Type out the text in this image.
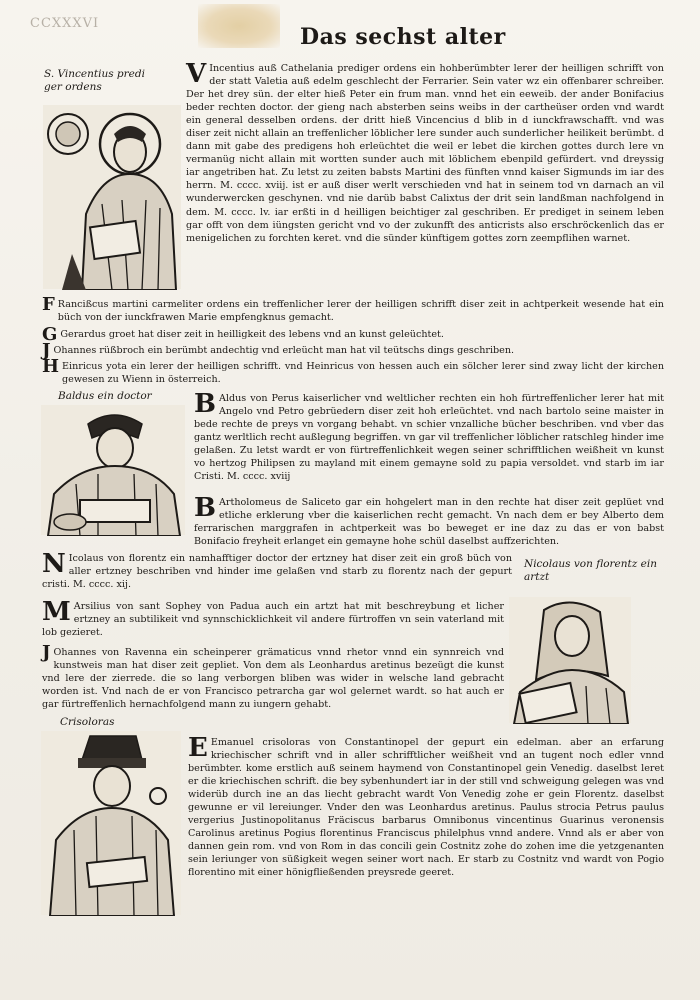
CCXXXVI
Das sechst alter
S. Vincentius predi ger ordens
Baldus ein doctor
Nicolaus von florentz ein artzt
Crisoloras

V Incentius auß Cathelania prediger ordens ein hohberümbter lerer der heilligen schrifft von der statt Valetia auß edelm geschlecht der Ferrarier. Sein vater wz ein offenbarer schreiber. Der het drey sün. der elter hieß Peter ein frum man. vnnd het ein eeweib. der ander Bonifacius beder rechten doctor. der gieng nach absterben seins weibs in der cartheüser orden vnd wardt ein general desselben ordens. der dritt hieß Vincencius d blib in d iunckfrawschafft. vnd was diser zeit nicht allain an treffenlicher löblicher lere sunder auch sunderlicher heilikeit berümbt. d dann mit gabe des predigens hoh erleüchtet die weil er lebet die kirchen gottes durch lere vn vermanüg nicht allain mit wortten sunder auch mit löblichem ebenpild gefürdert. vnd dreyssig iar angetriben hat. Zu letst zu zeiten babsts Martini des fünften vnnd kaiser Sigmunds im iar des herrn. M. cccc. xviij. ist er auß diser werlt verschieden vnd hat in seinem tod vn darnach an vil wunderwercken geschynen. vnd nie darüb babst Calixtus der drit sein landßman nachfolgend in dem. M. cccc. lv. iar erßti in d heilligen beichtiger zal geschriben. Er prediget in seinem leben gar offt von dem iüngsten gericht vnd vo der zukunfft des anticrists also erschröckenlich das er menigelichen zu forchten keret. vnd die sünder künftigem gottes zorn zeempflihen warnet.

F Rancißcus martini carmeliter ordens ein treffenlicher lerer der heilligen schrifft diser zeit in achtperkeit wesende hat ein büch von der iunckfrawen Marie empfengknus gemacht.

G Gerardus groet hat diser zeit in heilligkeit des lebens vnd an kunst geleüchtet.

J Ohannes rüßbroch ein berümbt andechtig vnd erleücht man hat vil teütschs dings geschriben.

H Einricus yota ein lerer der heilligen schrifft. vnd Heinricus von hessen auch ein sölcher lerer sind zway licht der kirchen gewesen zu Wienn in österreich.

B Aldus von Perus kaiserlicher vnd weltlicher rechten ein hoh fürtreffenlicher lerer hat mit Angelo vnd Petro gebrüedern diser zeit hoh erleüchtet. vnd nach bartolo seine maister in bede rechte de preys vn vorgang behabt. vn schier vnzalliche bücher beschriben. vnd vber das gantz werltlich recht außlegung begriffen. vn gar vil treffenlicher löblicher ratschleg hinder ime gelaßen. Zu letst wardt er von fürtreffenlichkeit wegen seiner schrifftlichen weißheit vn kunst vo hertzog Philipsen zu mayland mit einem gemayne sold zu papia versoldet. vnd starb im iar Cristi. M. cccc. xviij

B Artholomeus de Saliceto gar ein hohgelert man in den rechte hat diser zeit geplüet vnd etliche erklerung vber die kaiserlichen recht gemacht. Vn nach dem er bey Alberto dem ferrarischen marggrafen in achtperkeit was bo beweget er ine daz zu das er von babst Bonifacio freyheit erlanget ein gemayne hohe schül daselbst auffzerichten.

N Icolaus von florentz ein namhafftiger doctor der ertzney hat diser zeit ein groß büch von aller ertzney beschriben vnd hinder ime gelaßen vnd starb zu florentz nach der gepurt cristi. M. cccc. xij.

M Arsilius von sant Sophey von Padua auch ein artzt hat mit beschreybung et licher ertzney an subtilikeit vnd synnschicklichkeit vil andere fürtroffen vn sein vaterland mit lob gezieret.

J Ohannes von Ravenna ein scheinperer grämaticus vnnd rhetor vnnd ein synnreich vnd kunstweis man hat diser zeit gepliet. Von dem als Leonhardus aretinus bezeügt die kunst vnd lere der zierrede. die so lang verborgen bliben was wider in welsche land gebracht worden ist. Vnd nach de er von Francisco petrarcha gar wol gelernet wardt. so hat auch er gar fürtreffenlich hernachfolgend mann zu iungern gehabt.

E Emanuel crisoloras von Constantinopel der gepurt ein edelman. aber an erfarung kriechischer schrift vnd in aller schrifftlicher weißheit vnd an tugent noch edler vnnd berümbter. kome erstlich auß seinem haymend von Constantinopel gein Venedig. daselbst leret er die kriechischen schrift. die bey sybenhundert iar in der still vnd schweigung gelegen was vnd widerüb durch ine an das liecht gebracht wardt Von Venedig zohe er gein Florentz. daselbst gewunne er vil lereiunger. Vnder den was Leonhardus aretinus. Paulus strocia Petrus paulus vergerius Justinopolitanus Fräciscus barbarus Omnibonus vincentinus Guarinus veronensis Carolinus aretinus Pogius florentinus Franciscus philelphus vnnd andere. Vnnd als er aber von dannen gein rom. vnd von Rom in das concili gein Costnitz zohe do zohen ime die yetzgenanten sein leriunger von süßigkeit wegen seiner wort nach. Er starb zu Costnitz vnd wardt von Pogio florentino mit einer hönigfließenden preysrede geeret.
